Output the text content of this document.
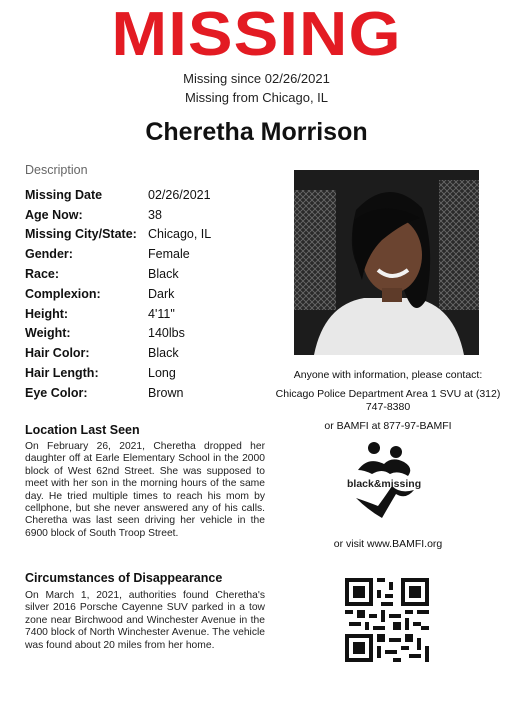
MISSING
Missing since 02/26/2021
Missing from Chicago, IL
Cheretha Morrison
Description
Missing Date	02/26/2021
Age Now:	38
Missing City/State: Chicago, IL
Gender:	Female
Race:	Black
Complexion:	Dark
Height:	4'11"
Weight:	140lbs
Hair Color:	Black
Hair Length:	Long
Eye Color:	Brown
Anyone with information, please contact:
Chicago Police Department Area 1 SVU at (312) 747-8380
or BAMFI at 877-97-BAMFI
black&missing
or visit www.BAMFI.org
Location Last Seen
On February 26, 2021, Cheretha dropped her daughter off at Earle Elementary School in the 2000 block of West 62nd Street. She was supposed to meet with her son in the morning hours of the same day. He tried multiple times to reach his mom by cellphone, but she never answered any of his calls. Cheretha was last seen driving her vehicle in the 6900 block of South Troop Street.
Circumstances of Disappearance
On March 1, 2021, authorities found Cheretha's silver 2016 Porsche Cayenne SUV parked in a tow zone near Birchwood and Winchester Avenue in the 7400 block of North Winchester Avenue. The vehicle was found about 20 miles from her home.
